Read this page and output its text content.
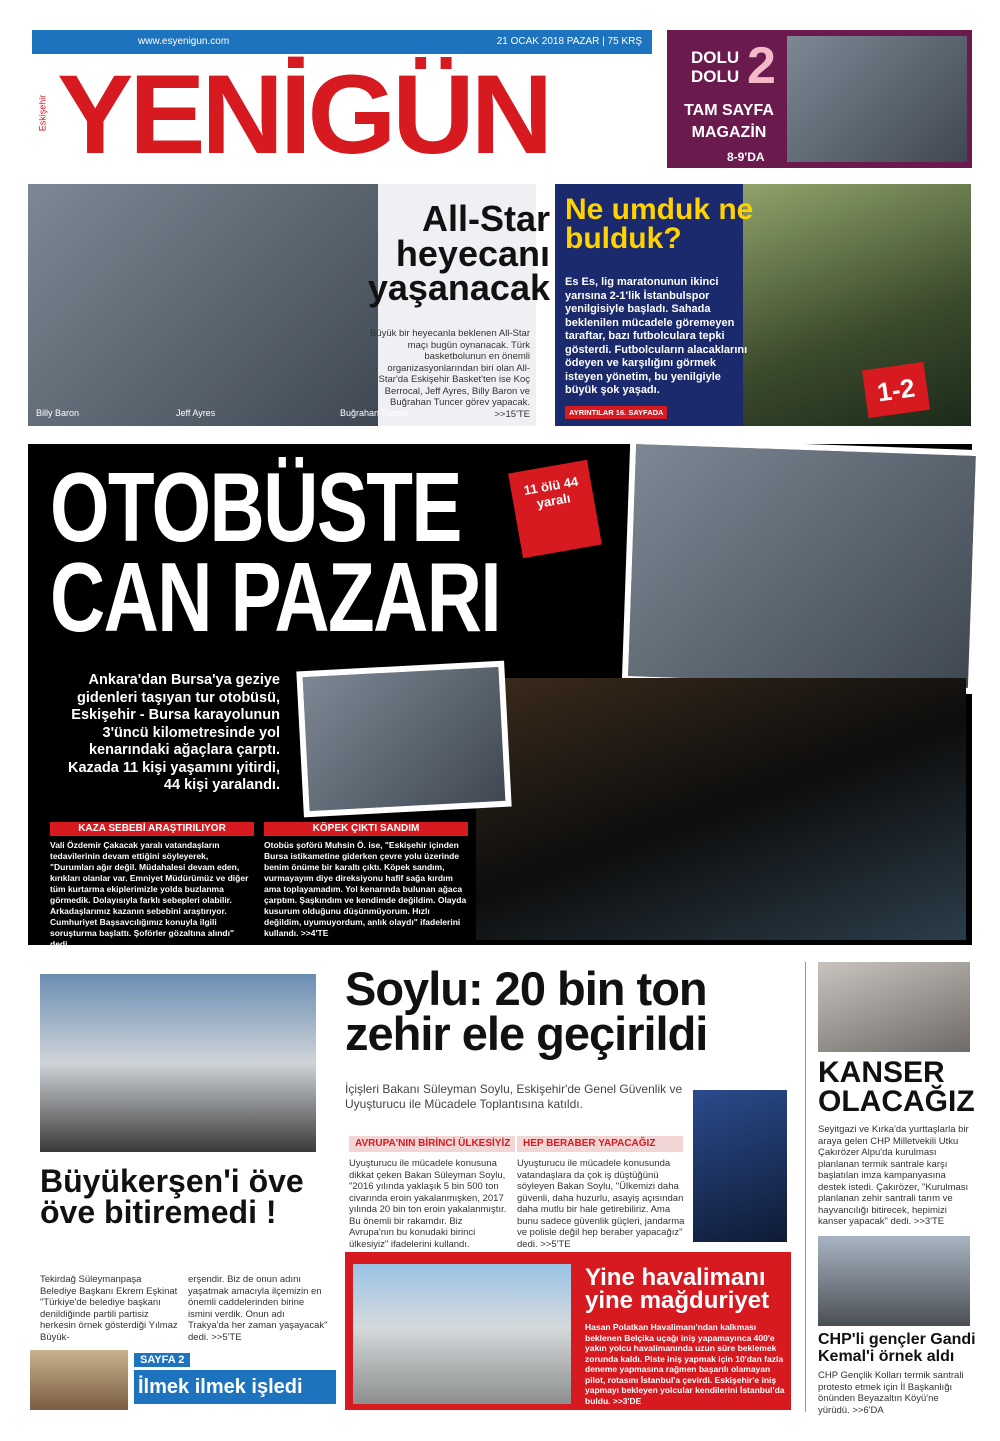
www.esyenigun.com	21 OCAK 2018 PAZAR | 75 KRŞ
YENİGÜN
Eskişehir
DOLU DOLU 2
TAM SAYFA MAGAZİN
8-9'DA
All-Star heyecanı yaşanacak
Büyük bir heyecanla beklenen All-Star maçı bugün oynanacak. Türk basketbolunun en önemli organizasyonlarından biri olan All-Star'da Eskişehir Basket'ten ise Koç Berrocal, Jeff Ayres, Billy Baron ve Buğrahan Tuncer görev yapacak. >>15'TE
Billy Baron	Jeff Ayres	Buğrahan Tuncer
Ne umduk ne bulduk?
Es Es, lig maratonunun ikinci yarısına 2-1'lik İstanbulspor yenilgisiyle başladı. Sahada beklenilen mücadele göremeyen taraftar, bazı futbolculara tepki gösterdi. Futbolcuların alacaklarını ödeyen ve karşılığını görmek isteyen yönetim, bu yenilgiyle büyük şok yaşadı.
AYRINTILAR 16. SAYFADA
1-2
OTOBÜSTE CAN PAZARI
11 ölü 44 yaralı
Ankara'dan Bursa'ya geziye gidenleri taşıyan tur otobüsü, Eskişehir - Bursa karayolunun 3'üncü kilometresinde yol kenarındaki ağaçlara çarptı. Kazada 11 kişi yaşamını yitirdi, 44 kişi yaralandı.
KAZA SEBEBİ ARAŞTIRILIYOR
Vali Özdemir Çakacak yaralı vatandaşların tedavilerinin devam ettiğini söyleyerek, "Durumları ağır değil. Müdahalesi devam eden, kırıkları olanlar var. Emniyet Müdürümüz ve diğer tüm kurtarma ekiplerimizle yolda buzlanma görmedik. Dolayısıyla farklı sebepleri olabilir. Arkadaşlarımız kazanın sebebini araştırıyor. Cumhuriyet Başsavcılığımız konuyla ilgili soruşturma başlattı. Şoförler gözaltına alındı" dedi.
KÖPEK ÇIKTI SANDIM
Otobüs şoförü Muhsin Ö. ise, "Eskişehir içinden Bursa istikametine giderken çevre yolu üzerinde benim önüme bir karaltı çıktı. Köpek sandım, vurmayayım diye direksiyonu hafif sağa kırdım ama toplayamadım. Yol kenarında bulunan ağaca çarptım. Şaşkındım ve kendimde değildim. Olayda kusurum olduğunu düşünmüyorum. Hızlı değildim, uyumuyordum, anlık olaydı" ifadelerini kullandı. >>4'TE
Büyükerşen'i öve öve bitiremedi !
Tekirdağ Süleymanpaşa Belediye Başkanı Ekrem Eşkinat "Türkiye'de belediye başkanı denildiğinde partili partisiz herkesin örnek gösterdiği Yılmaz Büyük-
erşendir. Biz de onun adını yaşatmak amacıyla ilçemizin en önemli caddelerinden birine ismini verdik. Onun adı Trakya'da her zaman yaşayacak" dedi. >>5'TE
SAYFA 2
İlmek ilmek işledi
Soylu: 20 bin ton zehir ele geçirildi
İçişleri Bakanı Süleyman Soylu, Eskişehir'de Genel Güvenlik ve Uyuşturucu ile Mücadele Toplantısına katıldı.
AVRUPA'NIN BİRİNCİ ÜLKESİYİZ	HEP BERABER YAPACAĞIZ
Uyuşturucu ile mücadele konusuna dikkat çeken Bakan Süleyman Soylu, "2016 yılında yaklaşık 5 bin 500 ton civarında eroin yakalanmışken, 2017 yılında 20 bin ton eroin yakalanmıştır. Bu önemli bir rakamdır. Biz Avrupa'nın bu konudaki birinci ülkesiyiz" ifadelerini kullandı.
Uyuşturucu ile mücadele konusunda vatandaşlara da çok iş düştüğünü söyleyen Bakan Soylu, "Ülkemizi daha güvenli, daha huzurlu, asayiş açısından daha mutlu bir hale getirebiliriz. Ama bunu sadece güvenlik güçleri, jandarma ve polisle değil hep beraber yapacağız" dedi. >>5'TE
Yine havalimanı yine mağduriyet
Hasan Polatkan Havalimanı'ndan kalkması beklenen Belçika uçağı iniş yapamayınca 400'e yakın yolcu havalimanında uzun süre beklemek zorunda kaldı. Piste iniş yapmak için 10'dan fazla deneme yapmasına rağmen başarılı olamayan pilot, rotasını İstanbul'a çevirdi. Eskişehir'e iniş yapmayı bekleyen yolcular kendilerini İstanbul'da buldu. >>3'DE
KANSER OLACAĞIZ
Seyitgazi ve Kırka'da yurttaşlarla bir araya gelen CHP Milletvekili Utku Çakırözer Alpu'da kurulması planlanan termik santrale karşı başlatılan imza kampanyasına destek istedi. Çakırözer, "Kurulması planlanan zehir santrali tarım ve hayvancılığı bitirecek, hepimizi kanser yapacak" dedi. >>3'TE
CHP'li gençler Gandi Kemal'i örnek aldı
CHP Gençlik Kolları termik santrali protesto etmek için İl Başkanlığı önünden Beyazaltın Köyü'ne yürüdü. >>6'DA
